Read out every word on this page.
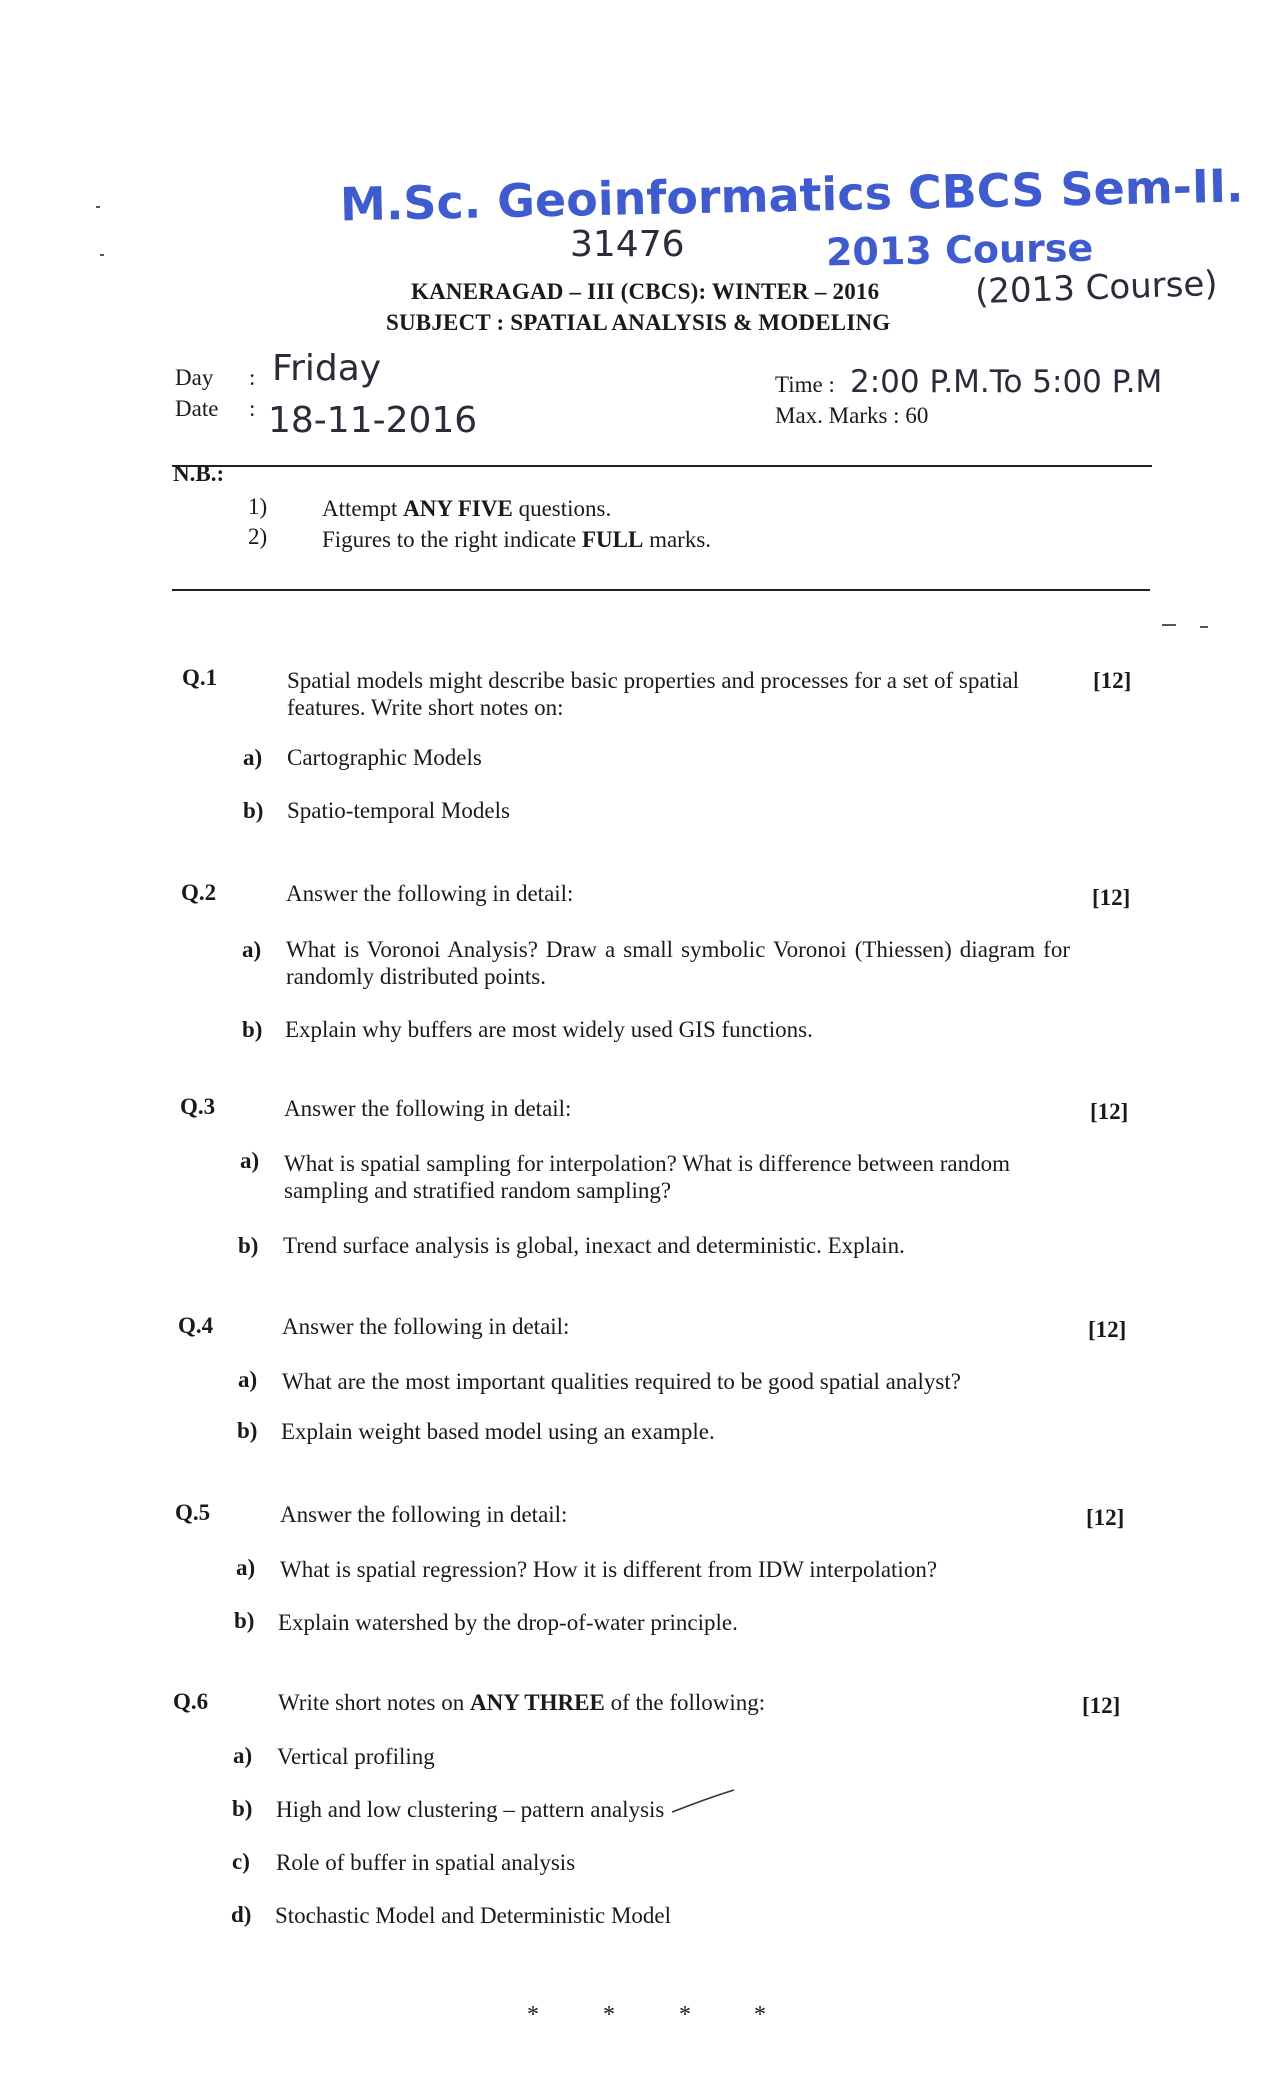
M.Sc. Geoinformatics CBCS Sem-II.
31476	2013 Course
KANERAGAD – III (CBCS): WINTER – 2016	(2013 Course)
SUBJECT : SPATIAL ANALYSIS & MODELING
Day : Friday
Date : 18-11-2016
Time : 2:00 P.M.To 5:00 P.M
Max. Marks : 60
N.B.:
1) Attempt ANY FIVE questions.
2) Figures to the right indicate FULL marks.
Q.1	Spatial models might describe basic properties and processes for a set of spatial features. Write short notes on:
[12]
a) Cartographic Models
b) Spatio-temporal Models
Q.2	Answer the following in detail:	[12]
a) What is Voronoi Analysis? Draw a small symbolic Voronoi (Thiessen) diagram for randomly distributed points.
b) Explain why buffers are most widely used GIS functions.
Q.3	Answer the following in detail:	[12]
a) What is spatial sampling for interpolation? What is difference between random sampling and stratified random sampling?
b) Trend surface analysis is global, inexact and deterministic. Explain.
Q.4	Answer the following in detail:	[12]
a) What are the most important qualities required to be good spatial analyst?
b) Explain weight based model using an example.
Q.5	Answer the following in detail:	[12]
a) What is spatial regression? How it is different from IDW interpolation?
b) Explain watershed by the drop-of-water principle.
Q.6	Write short notes on ANY THREE of the following:	[12]
a) Vertical profiling
b) High and low clustering – pattern analysis
c) Role of buffer in spatial analysis
d) Stochastic Model and Deterministic Model
*	*	*	*
